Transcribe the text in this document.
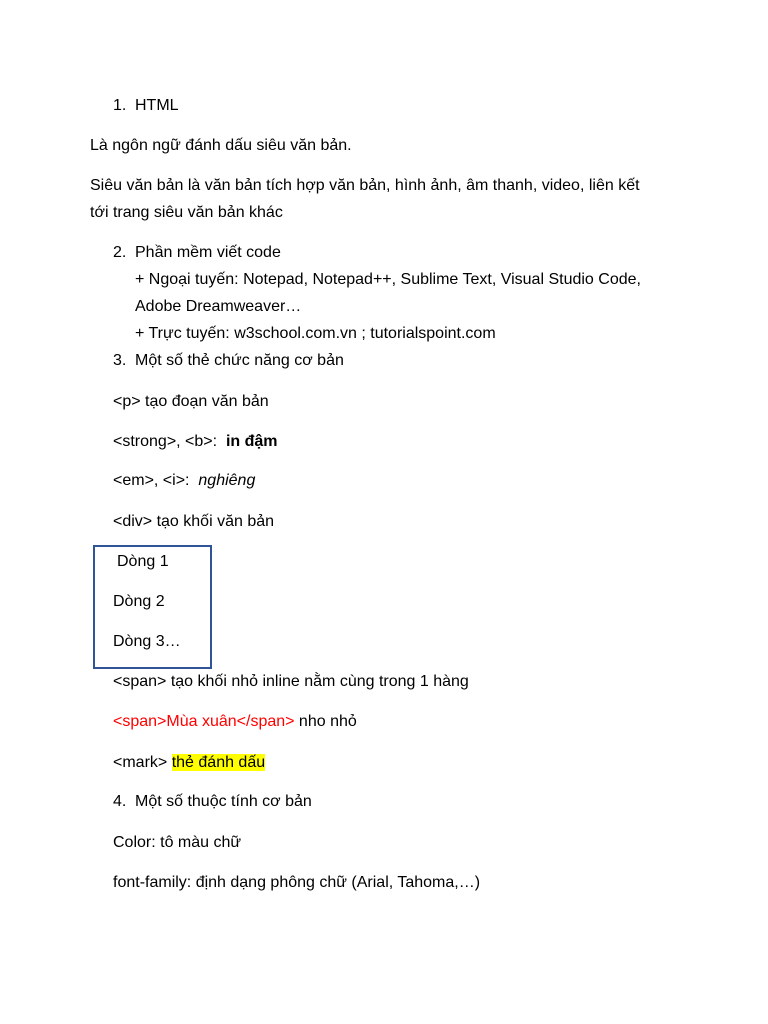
1. HTML
Là ngôn ngữ đánh dấu siêu văn bản.
Siêu văn bản là văn bản tích hợp văn bản, hình ảnh, âm thanh, video, liên kết
tới trang siêu văn bản khác
2. Phần mềm viết code
+ Ngoại tuyến: Notepad, Notepad++, Sublime Text, Visual Studio Code,
Adobe Dreamweaver…
+ Trực tuyến: w3school.com.vn ; tutorialspoint.com
3. Một số thẻ chức năng cơ bản
<p> tạo đoạn văn bản
<strong>, <b>: in đậm
<em>, <i>: nghiêng
<div> tạo khối văn bản
Dòng 1
Dòng 2
Dòng 3…
<span> tạo khối nhỏ inline nằm cùng trong 1 hàng
<span>Mùa xuân</span> nho nhỏ
<mark> thẻ đánh dấu
4. Một số thuộc tính cơ bản
Color: tô màu chữ
font-family: định dạng phông chữ (Arial, Tahoma,…)
